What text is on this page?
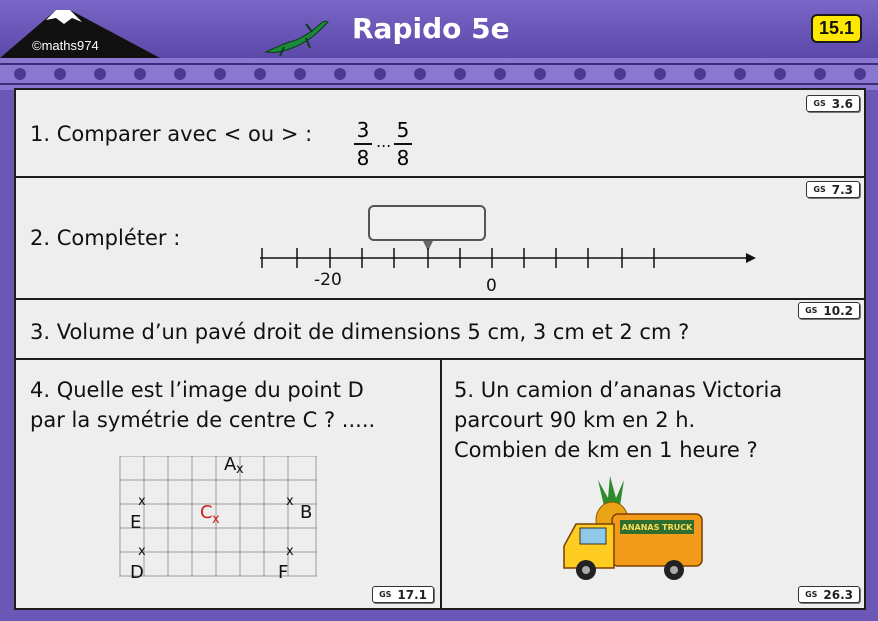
©maths974
Rapido 5e	15.1
GS 3.6
1. Comparer avec < ou > : 3
8
... 5
8
GS 7.3
2. Compléter :
-20	0
GS 10.2
3. Volume d’un pavé droit de dimensions 5 cm, 3 cm et 2 cm ?
4. Quelle est l’image du point D
par la symétrie de centre C ? .....
A x
x
E	C x
x
B
x
D
x
F
GS 17.1
5. Un camion d’ananas Victoria
parcourt 90 km en 2 h.
Combien de km en 1 heure ?
ANANAS TRUCK
GS 26.3
